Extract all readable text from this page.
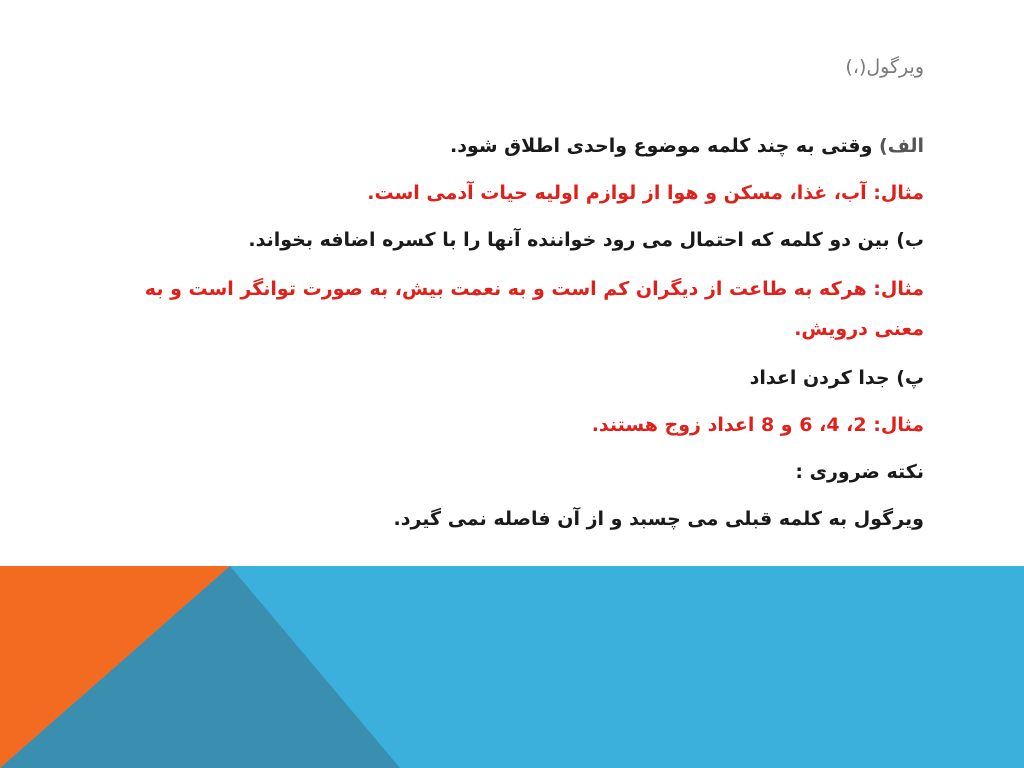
ویرگول(،)
الف) وقتی به چند کلمه موضوع واحدی اطلاق شود.
مثال: آب، غذا، مسکن و هوا از لوازم اولیه حیات آدمی است.
ب) بین دو کلمه که احتمال می رود خواننده آنها را با کسره اضافه بخواند.
مثال: هرکه به طاعت از دیگران کم است و به نعمت بیش، به صورت توانگر است و به معنی درویش.
پ) جدا کردن اعداد
مثال: 2، 4، 6 و 8 اعداد زوج هستند.
نکته ضروری :
ویرگول به کلمه قبلی می چسبد و از آن فاصله نمی گیرد.
